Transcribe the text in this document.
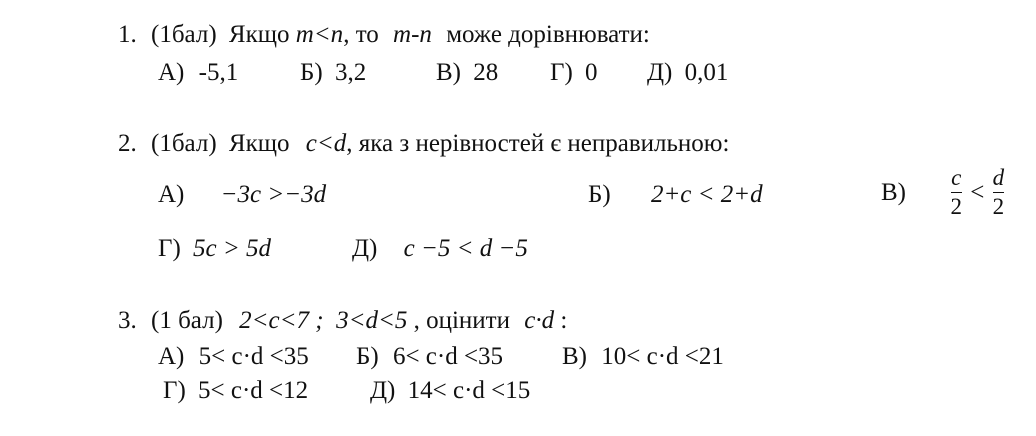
1. (1бал) Якщо m<n, то m-n може дорівнювати:
А) -5,1 Б) 3,2	В) 28 Г) 0 Д) 0,01
2. (1бал) Якщо c<d, яка з нерівностей є неправильною:
А) −3c >−3d	Б) 2+c < 2+d	$В) \frac{c}{2} < \frac{d}{2}$
Г) 5c > 5d	Д) c −5 < d −5
3. (1 бал) 2<c<7 ;  3<d<5 , оцінити c·d :
А) 5< c·d <35 Б) 6< c·d <35 В) 10< c·d <21
Г) 5< c·d <12 Д) 14< c·d <15
